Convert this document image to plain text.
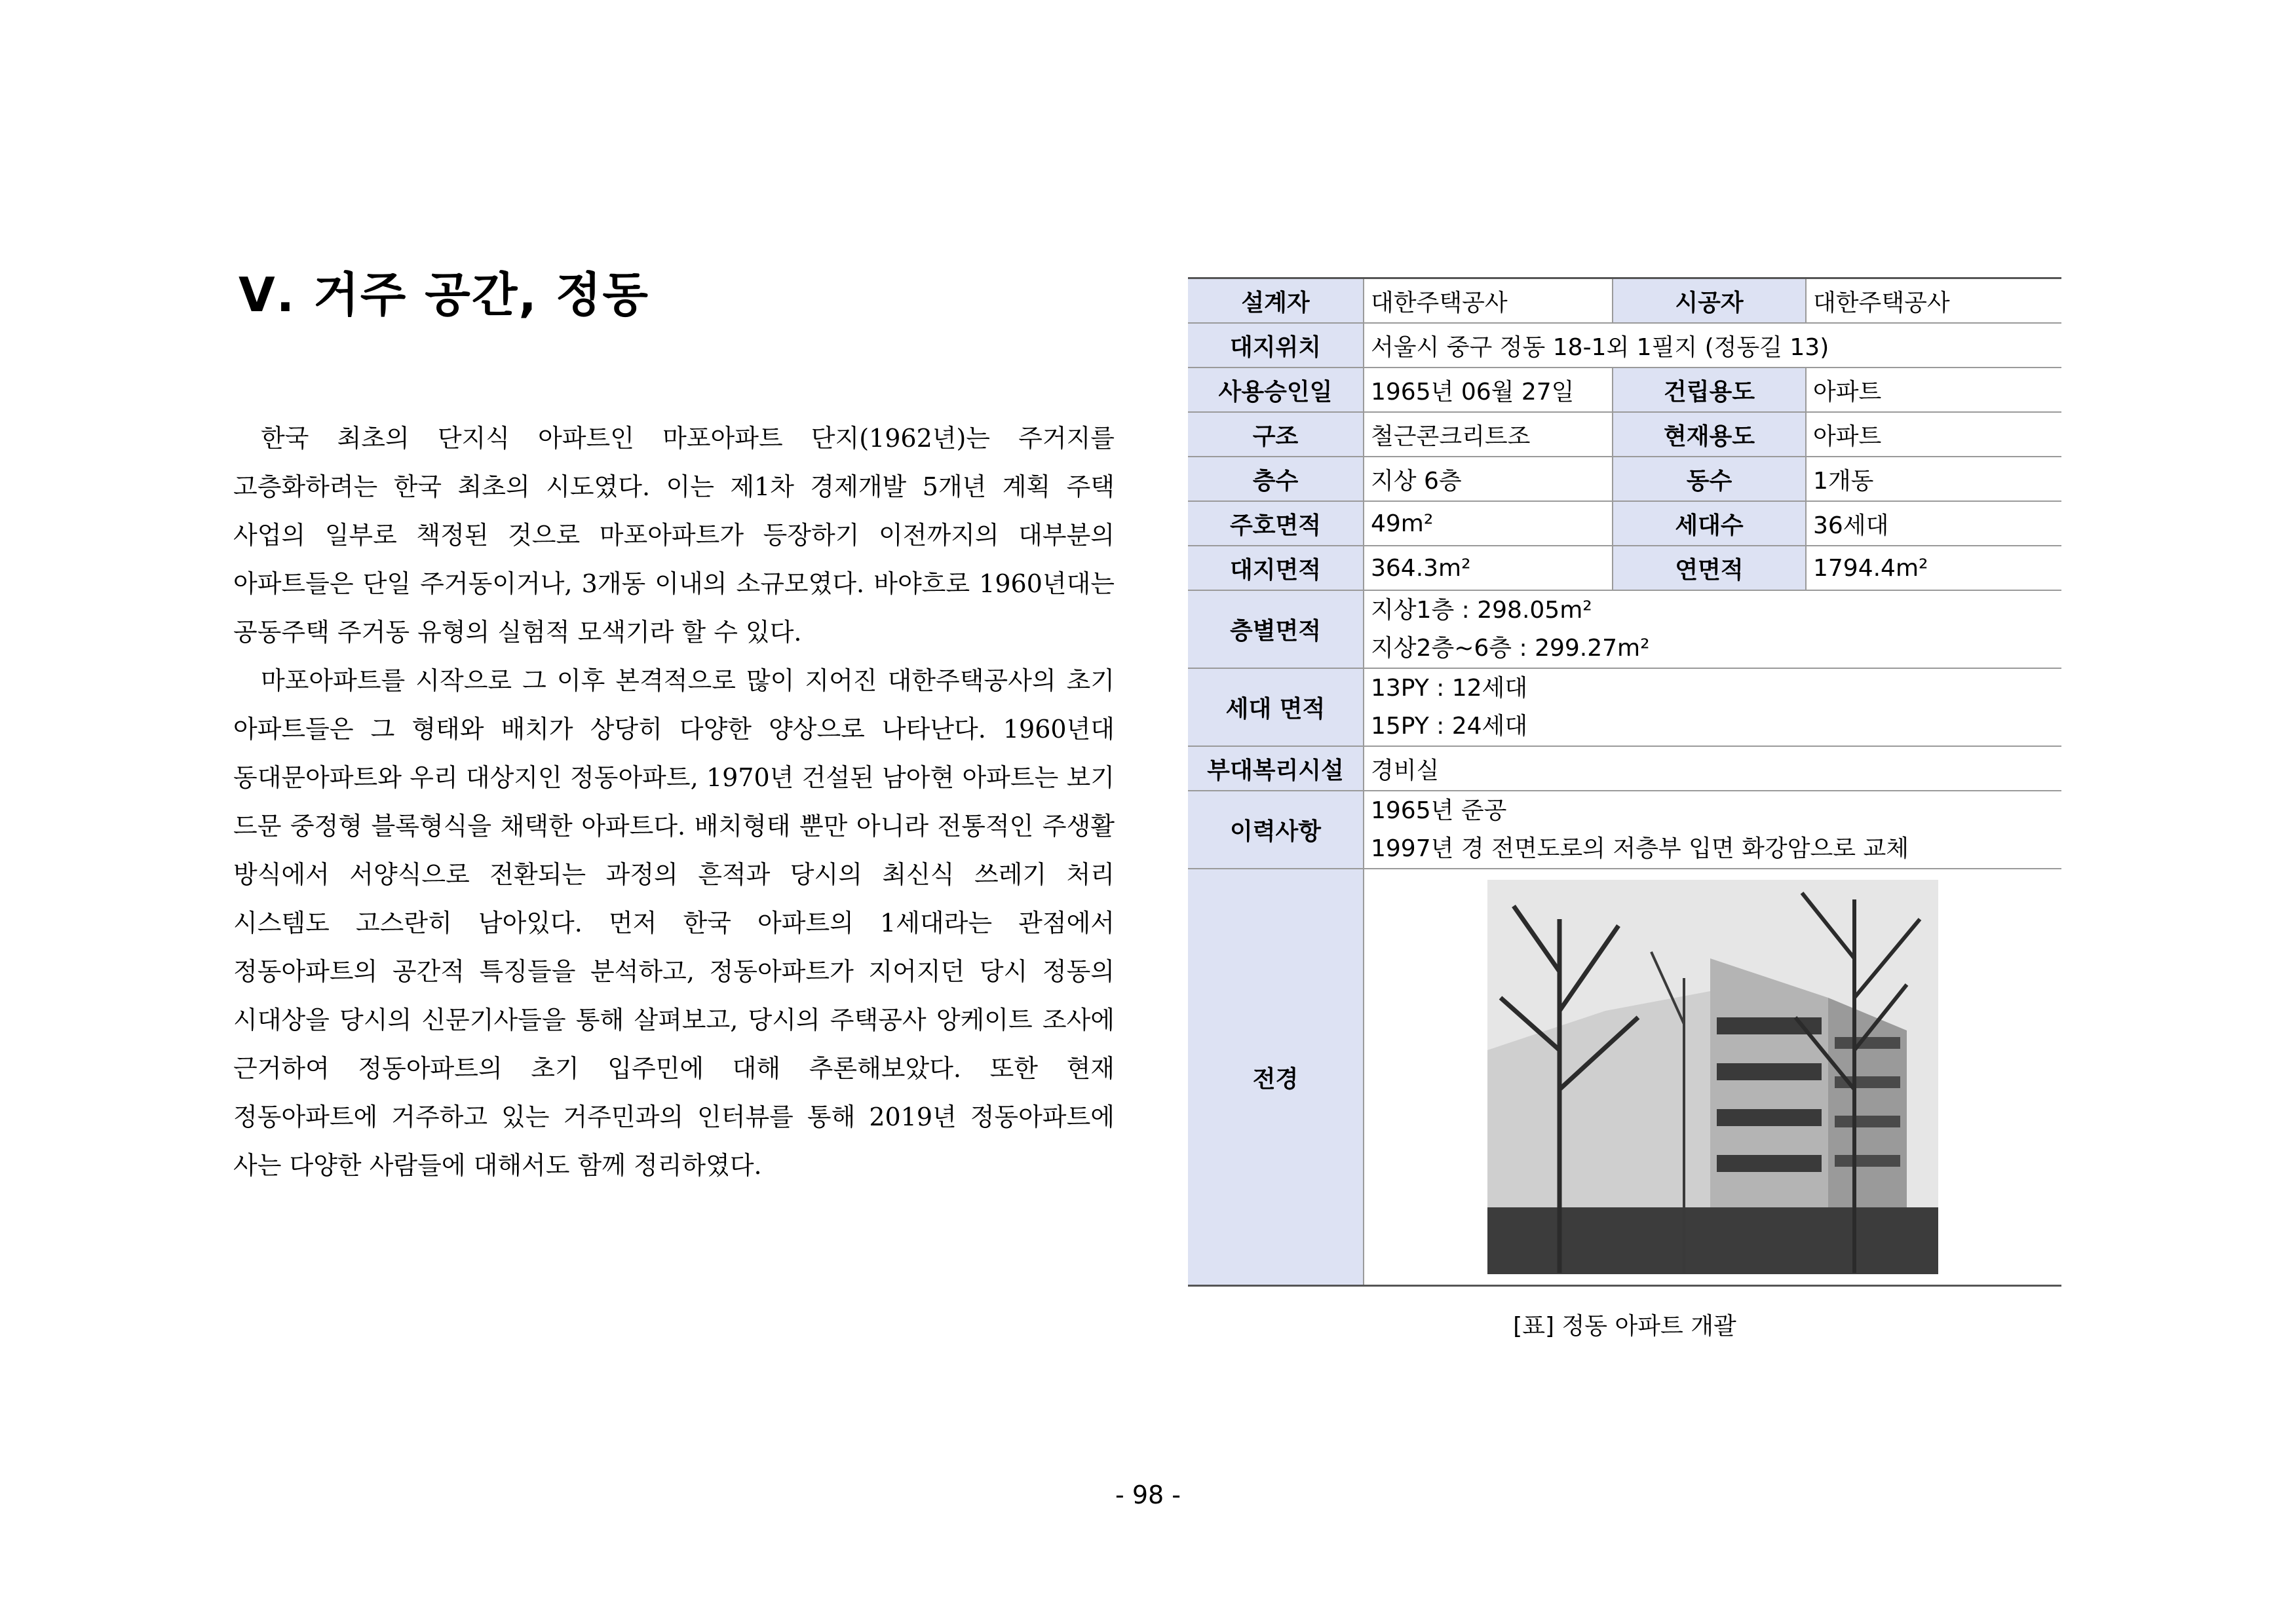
Ⅴ. 거주 공간, 정동

한국 최초의 단지식 아파트인 마포아파트 단지(1962년)는 주거지를 고층화하려는 한국 최초의 시도였다. 이는 제1차 경제개발 5개년 계획 주택 사업의 일부로 책정된 것으로 마포아파트가 등장하기 이전까지의 대부분의 아파트들은 단일 주거동이거나, 3개동 이내의 소규모였다. 바야흐로 1960년대는 공동주택 주거동 유형의 실험적 모색기라 할 수 있다.

마포아파트를 시작으로 그 이후 본격적으로 많이 지어진 대한주택공사의 초기 아파트들은 그 형태와 배치가 상당히 다양한 양상으로 나타난다. 1960년대 동대문아파트와 우리 대상지인 정동아파트, 1970년 건설된 남아현 아파트는 보기 드문 중정형 블록형식을 채택한 아파트다. 배치형태 뿐만 아니라 전통적인 주생활 방식에서 서양식으로 전환되는 과정의 흔적과 당시의 최신식 쓰레기 처리 시스템도 고스란히 남아있다. 먼저 한국 아파트의 1세대라는 관점에서 정동아파트의 공간적 특징들을 분석하고, 정동아파트가 지어지던 당시 정동의 시대상을 당시의 신문기사들을 통해 살펴보고, 당시의 주택공사 앙케이트 조사에 근거하여 정동아파트의 초기 입주민에 대해 추론해보았다. 또한 현재 정동아파트에 거주하고 있는 거주민과의 인터뷰를 통해 2019년 정동아파트에 사는 다양한 사람들에 대해서도 함께 정리하였다.

설계자	대한주택공사	시공자	대한주택공사
대지위치	서울시 중구 정동 18-1외 1필지 (정동길 13)		
사용승인일	1965년 06월 27일	건립용도	아파트
구조	철근콘크리트조	현재용도	아파트
층수	지상 6층	동수	1개동
주호면적	49m²	세대수	36세대
대지면적	364.3m²	연면적	1794.4m²
층별면적	지상1층 : 298.05m²
지상2층~6층 : 299.27m²		

세대 면적	13PY : 12세대
15PY : 24세대		

부대복리시설	경비실		
이력사항	1965년 준공
1997년 경 전면도로의 저층부 입면 화강암으로 교체		

전경	
[표] 정동 아파트 개괄
- 98 -
